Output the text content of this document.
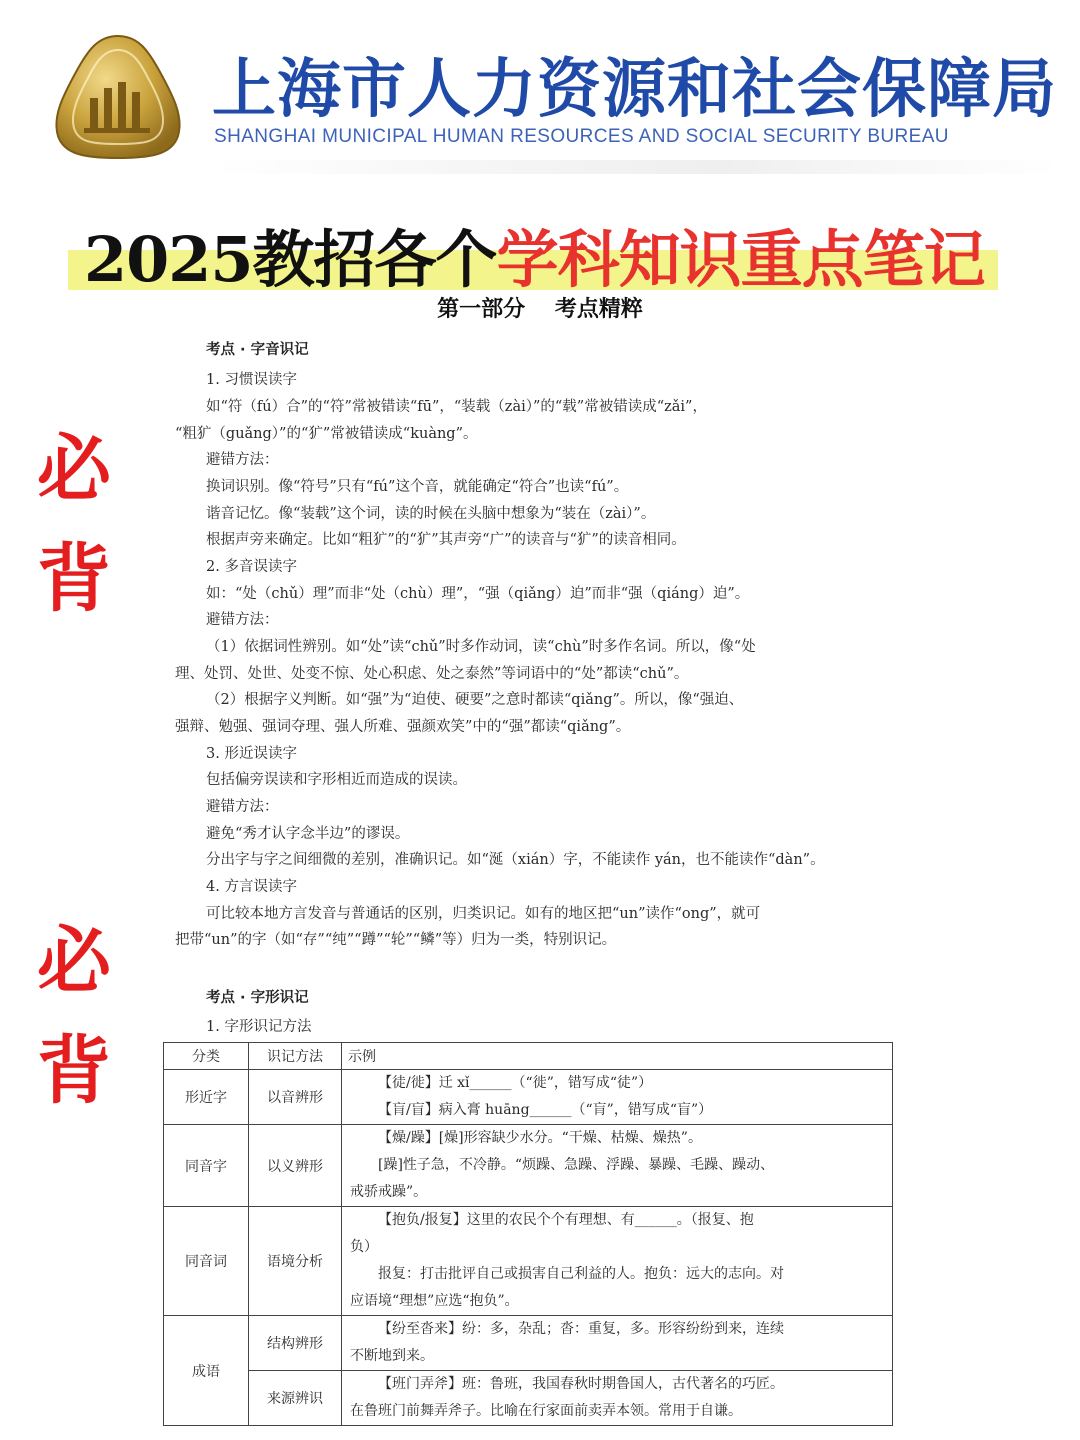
上海市人力资源和社会保障局
SHANGHAI MUNICIPAL HUMAN RESOURCES AND SOCIAL SECURITY BUREAU
2025教招各个学科知识重点笔记
第一部分 考点精粹
必
背
必
背
考点 · 字音识记
1. 习惯误读字
如“符（fú）合”的“符”常被错读“fū”，“装载（zài）”的“载”常被错读成“zǎi”，
“粗犷（guǎng）”的“犷”常被错读成“kuàng”。
避错方法：
换词识别。像“符号”只有“fú”这个音，就能确定“符合”也读“fú”。
谐音记忆。像“装载”这个词，读的时候在头脑中想象为“装在（zài）”。
根据声旁来确定。比如“粗犷”的“犷”其声旁“广”的读音与“犷”的读音相同。
2. 多音误读字
如：“处（chǔ）理”而非“处（chù）理”，“强（qiǎng）迫”而非“强（qiáng）迫”。
避错方法：
（1）依据词性辨别。如“处”读“chǔ”时多作动词，读“chù”时多作名词。所以，像“处
理、处罚、处世、处变不惊、处心积虑、处之泰然”等词语中的“处”都读“chǔ”。
（2）根据字义判断。如“强”为“迫使、硬要”之意时都读“qiǎng”。所以，像“强迫、
强辩、勉强、强词夺理、强人所难、强颜欢笑”中的“强”都读“qiǎng”。
3. 形近误读字
包括偏旁误读和字形相近而造成的误读。
避错方法：
避免“秀才认字念半边”的谬误。
分出字与字之间细微的差别，准确识记。如“涎（xián）字，不能读作 yán，也不能读作“dàn”。
4. 方言误读字
可比较本地方言发音与普通话的区别，归类识记。如有的地区把“un”读作“ong”，就可
把带“un”的字（如“存”“纯”“蹲”“轮”“鳞”等）归为一类，特别识记。
考点 · 字形识记
1. 字形识记方法
分类	识记方法	示例
形近字	以音辨形	【徒/徙】迁 xǐ______（“徙”，错写成“徒”）
【肓/盲】病入膏 huāng______（“肓”，错写成“盲”）
同音字	以义辨形	【燥/躁】[燥]形容缺少水分。“干燥、枯燥、燥热”。
[躁]性子急，不冷静。“烦躁、急躁、浮躁、暴躁、毛躁、躁动、
戒骄戒躁”。
同音词	语境分析	【抱负/报复】这里的农民个个有理想、有______。（报复、抱
负）
报复：打击批评自己或损害自己利益的人。抱负：远大的志向。对
应语境“理想”应选“抱负”。
成语	结构辨形	【纷至沓来】纷：多，杂乱；沓：重复，多。形容纷纷到来，连续
不断地到来。
	来源辨识	【班门弄斧】班：鲁班，我国春秋时期鲁国人，古代著名的巧匠。
在鲁班门前舞弄斧子。比喻在行家面前卖弄本领。常用于自谦。
